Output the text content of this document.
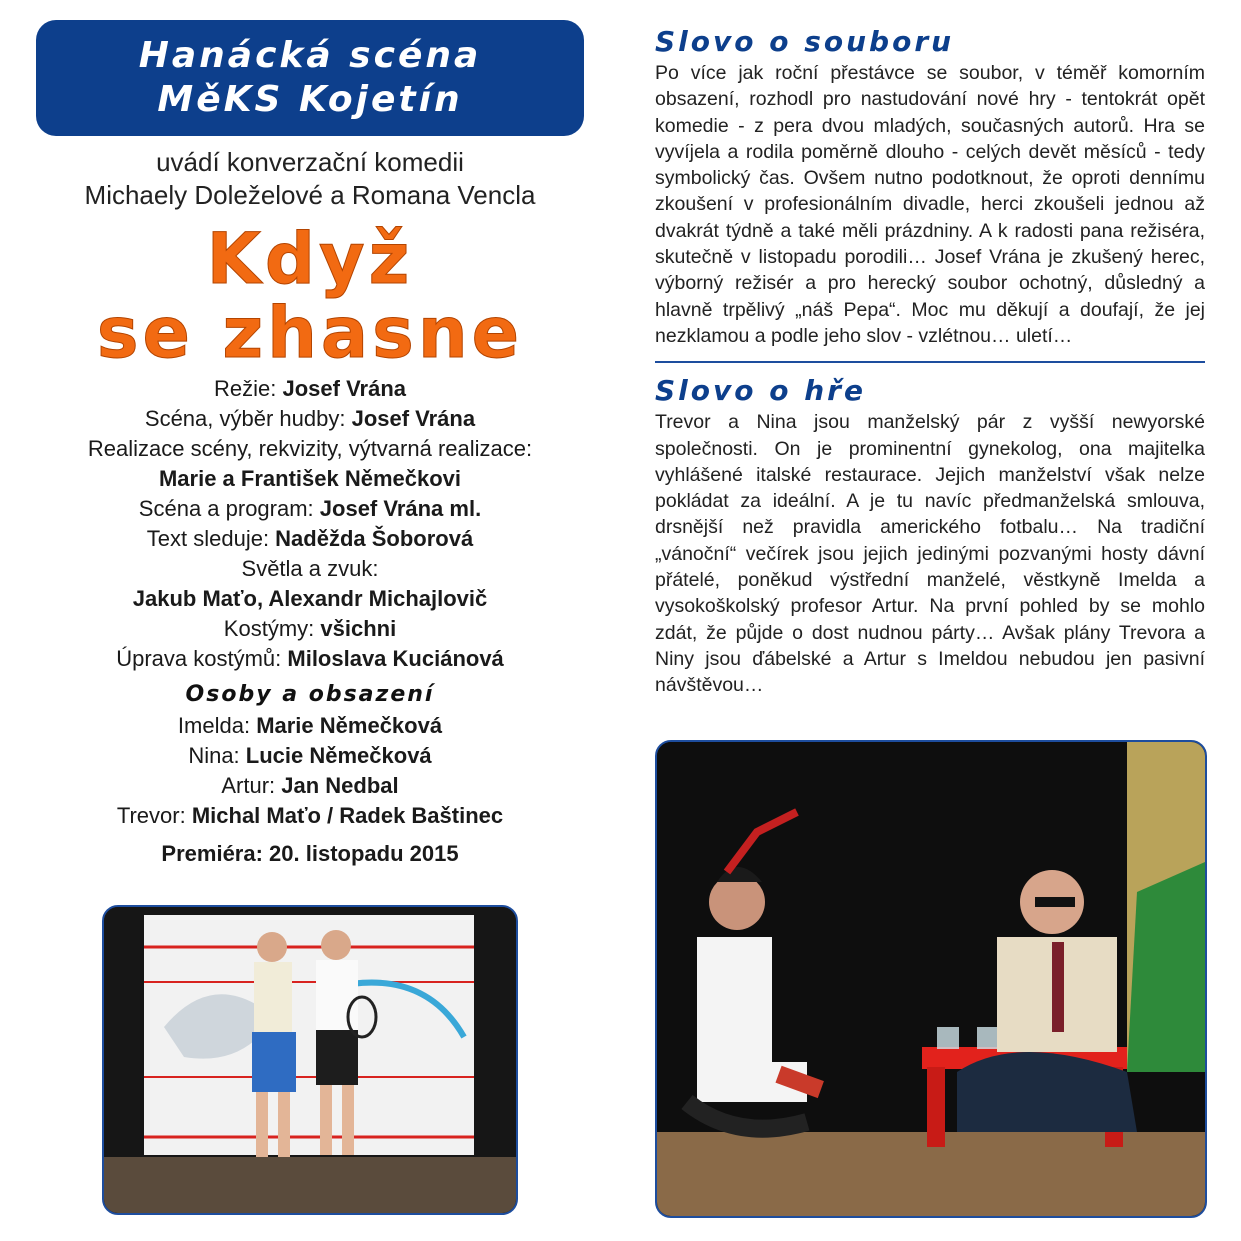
Hanácká scéna
MěKS Kojetín
uvádí konverzační komedii
Michaely Doleželové a Romana Vencla
Když
se zhasne
Režie: Josef Vrána
Scéna, výběr hudby: Josef Vrána
Realizace scény, rekvizity, výtvarná realizace:
Marie a František Němečkovi
Scéna a program: Josef Vrána ml.
Text sleduje: Naděžda Šoborová
Světla a zvuk:
Jakub Maťo, Alexandr Michajlovič
Kostýmy: všichni
Úprava kostýmů: Miloslava Kuciánová
Osoby a obsazení
Imelda: Marie Němečková
Nina: Lucie Němečková
Artur: Jan Nedbal
Trevor: Michal Maťo / Radek Baštinec
Premiéra: 20. listopadu 2015
Slovo o souboru
Po více jak roční přestávce se soubor, v téměř komorním obsazení, rozhodl pro nastudování nové hry - tentokrát opět komedie - z pera dvou mladých, současných autorů. Hra se vyvíjela a rodila poměrně dlouho - celých devět měsíců - tedy symbolický čas. Ovšem nutno podotknout, že oproti dennímu zkoušení v profesionálním divadle, herci zkoušeli jednou až dvakrát týdně a také měli prázdniny. A k radosti pana režiséra, skutečně v listopadu porodili… Josef Vrána je zkušený herec, výborný režisér a pro herecký soubor ochotný, důsledný a hlavně trpělivý „náš Pepa“. Moc mu děkují a doufají, že jej nezklamou a podle jeho slov - vzlétnou… uletí…
Slovo o hře
Trevor a Nina jsou manželský pár z vyšší newyorské společnosti. On je prominentní gynekolog, ona majitelka vyhlášené italské restaurace. Jejich manželství však nelze pokládat za ideální. A je tu navíc předmanželská smlouva, drsnější než pravidla amerického fotbalu… Na tradiční „vánoční“ večírek jsou jejich jedinými pozvanými hosty dávní přátelé, poněkud výstřední manželé, věstkyně Imelda a vysokoškolský profesor Artur. Na první pohled by se mohlo zdát, že půjde o dost nudnou párty… Avšak plány Trevora a Niny jsou ďábelské a Artur s Imeldou nebudou jen pasivní návštěvou…
